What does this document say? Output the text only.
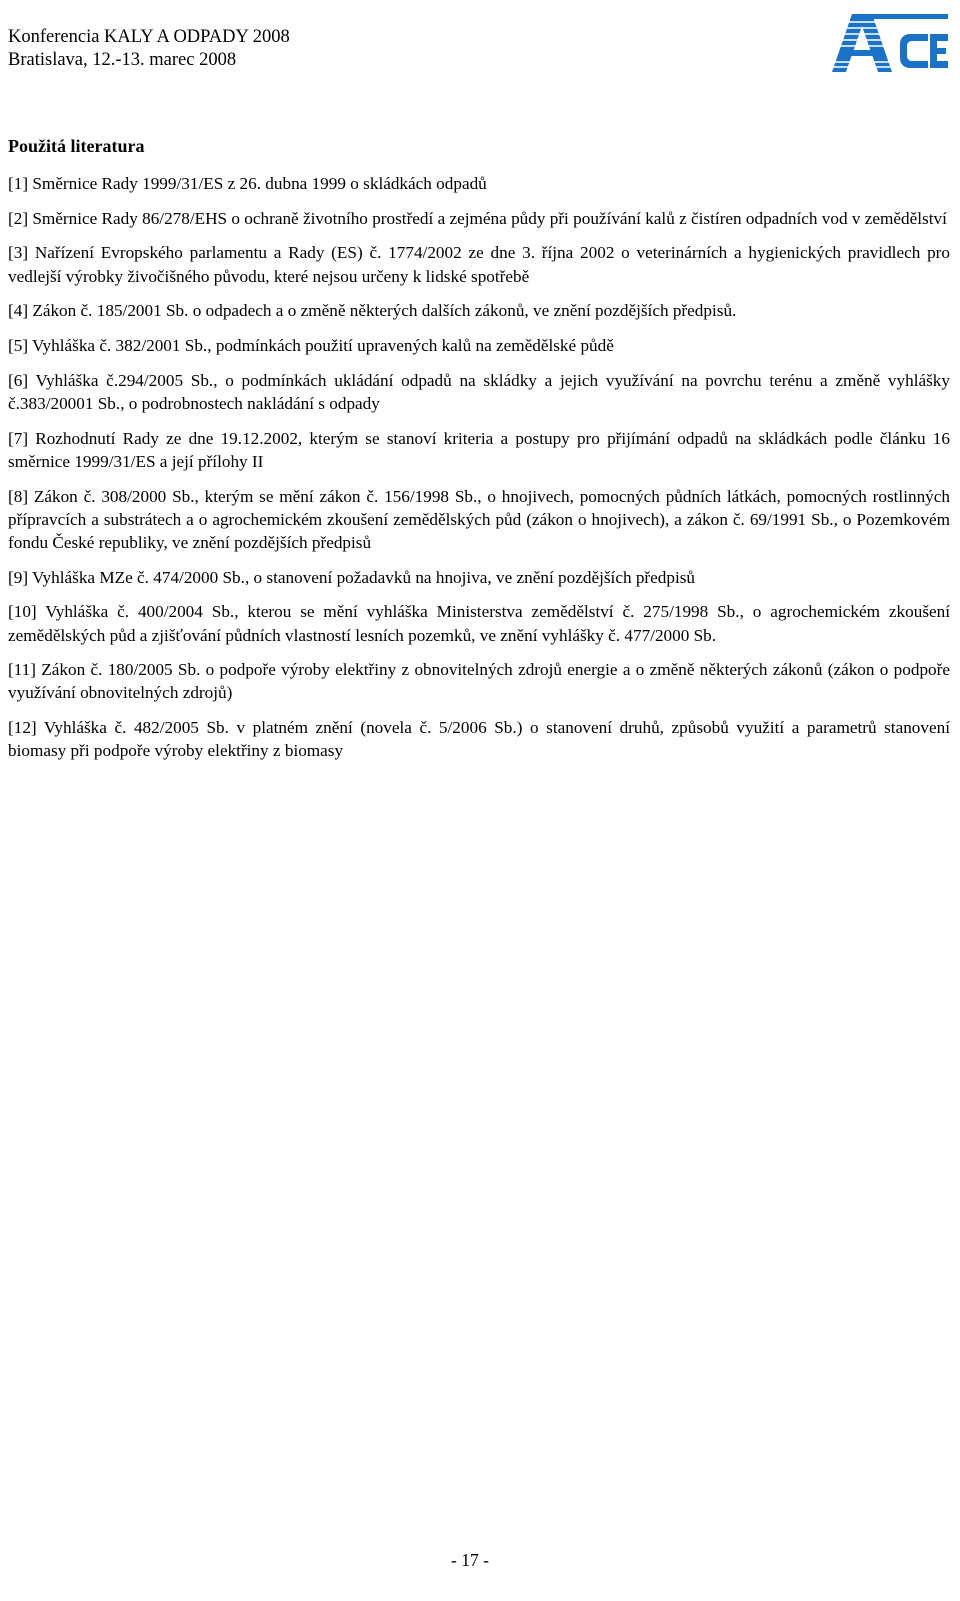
Konferencia KALY A ODPADY 2008
Bratislava, 12.-13. marec 2008
Použitá literatura

[1] Směrnice Rady 1999/31/ES z 26. dubna 1999 o skládkách odpadů

[2] Směrnice Rady 86/278/EHS o ochraně životního prostředí a zejména půdy při používání kalů z čistíren odpadních vod v zemědělství

[3] Nařízení Evropského parlamentu a Rady (ES) č. 1774/2002 ze dne 3. října 2002 o veterinárních a hygienických pravidlech pro vedlejší výrobky živočišného původu, které nejsou určeny k lidské spotřebě

[4] Zákon č. 185/2001 Sb. o odpadech a o změně některých dalších zákonů, ve znění pozdějších předpisů.

[5] Vyhláška č. 382/2001 Sb., podmínkách použití upravených kalů na zemědělské půdě

[6] Vyhláška č.294/2005 Sb., o podmínkách ukládání odpadů na skládky a jejich využívání na povrchu terénu a změně vyhlášky č.383/20001 Sb., o podrobnostech nakládání s odpady

[7] Rozhodnutí Rady ze dne 19.12.2002, kterým se stanoví kriteria a postupy pro přijímání odpadů na skládkách podle článku 16 směrnice 1999/31/ES a její přílohy II

[8] Zákon č. 308/2000 Sb., kterým se mění zákon č. 156/1998 Sb., o hnojivech, pomocných půdních látkách, pomocných rostlinných přípravcích a substrátech a o agrochemickém zkoušení zemědělských půd (zákon o hnojivech), a zákon č. 69/1991 Sb., o Pozemkovém fondu České republiky, ve znění pozdějších předpisů

[9] Vyhláška MZe č. 474/2000 Sb., o stanovení požadavků na hnojiva, ve znění pozdějších předpisů

[10] Vyhláška č. 400/2004 Sb., kterou se mění vyhláška Ministerstva zemědělství č. 275/1998 Sb., o agrochemickém zkoušení zemědělských půd a zjišťování půdních vlastností lesních pozemků, ve znění vyhlášky č. 477/2000 Sb.

[11] Zákon č. 180/2005 Sb. o podpoře výroby elektřiny z obnovitelných zdrojů energie a o změně některých zákonů (zákon o podpoře využívání obnovitelných zdrojů)

[12] Vyhláška č. 482/2005 Sb. v platném znění (novela č. 5/2006 Sb.) o stanovení druhů, způsobů využití a parametrů stanovení biomasy při podpoře výroby elektřiny z biomasy

- 17 -
